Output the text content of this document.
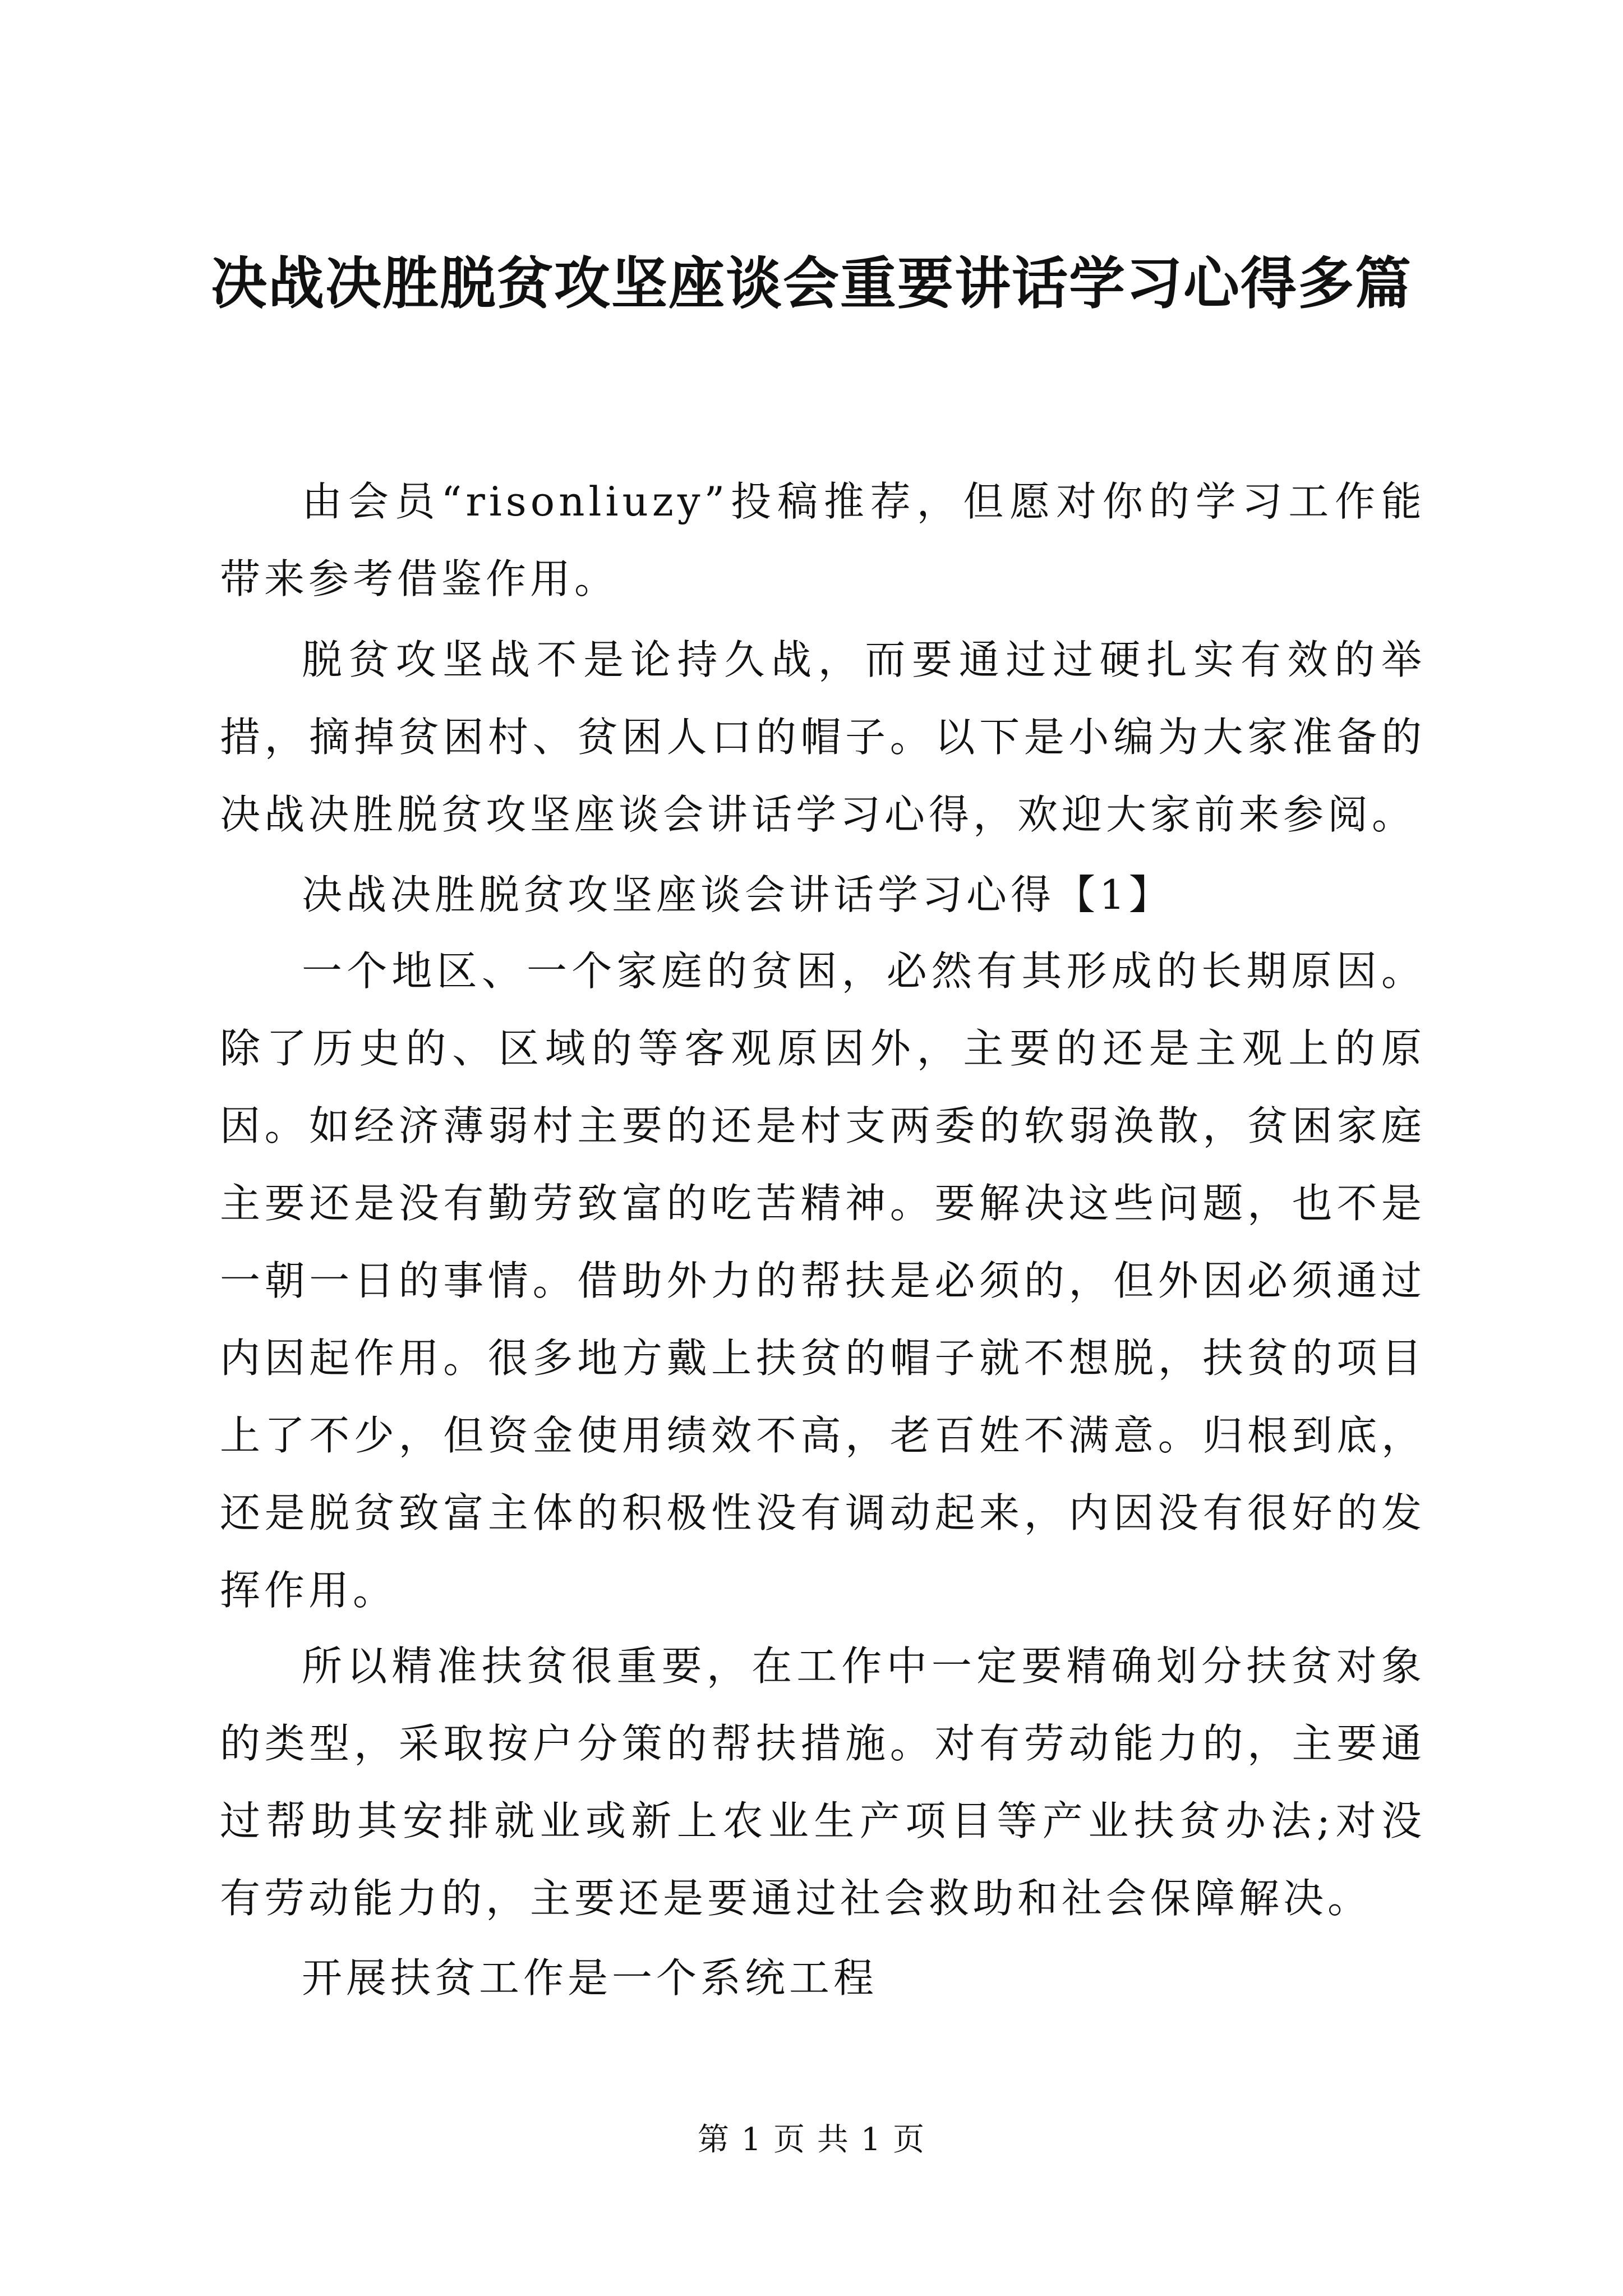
决战决胜脱贫攻坚座谈会重要讲话学习心得多篇

由会员“risonliuzy”投稿推荐，但愿对你的学习工作能带来参考借鉴作用。

脱贫攻坚战不是论持久战，而要通过过硬扎实有效的举措，摘掉贫困村、贫困人口的帽子。以下是小编为大家准备的决战决胜脱贫攻坚座谈会讲话学习心得，欢迎大家前来参阅。

决战决胜脱贫攻坚座谈会讲话学习心得【1】

一个地区、一个家庭的贫困，必然有其形成的长期原因。除了历史的、区域的等客观原因外，主要的还是主观上的原因。如经济薄弱村主要的还是村支两委的软弱涣散，贫困家庭主要还是没有勤劳致富的吃苦精神。要解决这些问题，也不是一朝一日的事情。借助外力的帮扶是必须的，但外因必须通过内因起作用。很多地方戴上扶贫的帽子就不想脱，扶贫的项目上了不少，但资金使用绩效不高，老百姓不满意。归根到底，还是脱贫致富主体的积极性没有调动起来，内因没有很好的发挥作用。

所以精准扶贫很重要，在工作中一定要精确划分扶贫对象的类型，采取按户分策的帮扶措施。对有劳动能力的，主要通过帮助其安排就业或新上农业生产项目等产业扶贫办法;对没有劳动能力的，主要还是要通过社会救助和社会保障解决。

开展扶贫工作是一个系统工程

第 1 页 共 1 页
